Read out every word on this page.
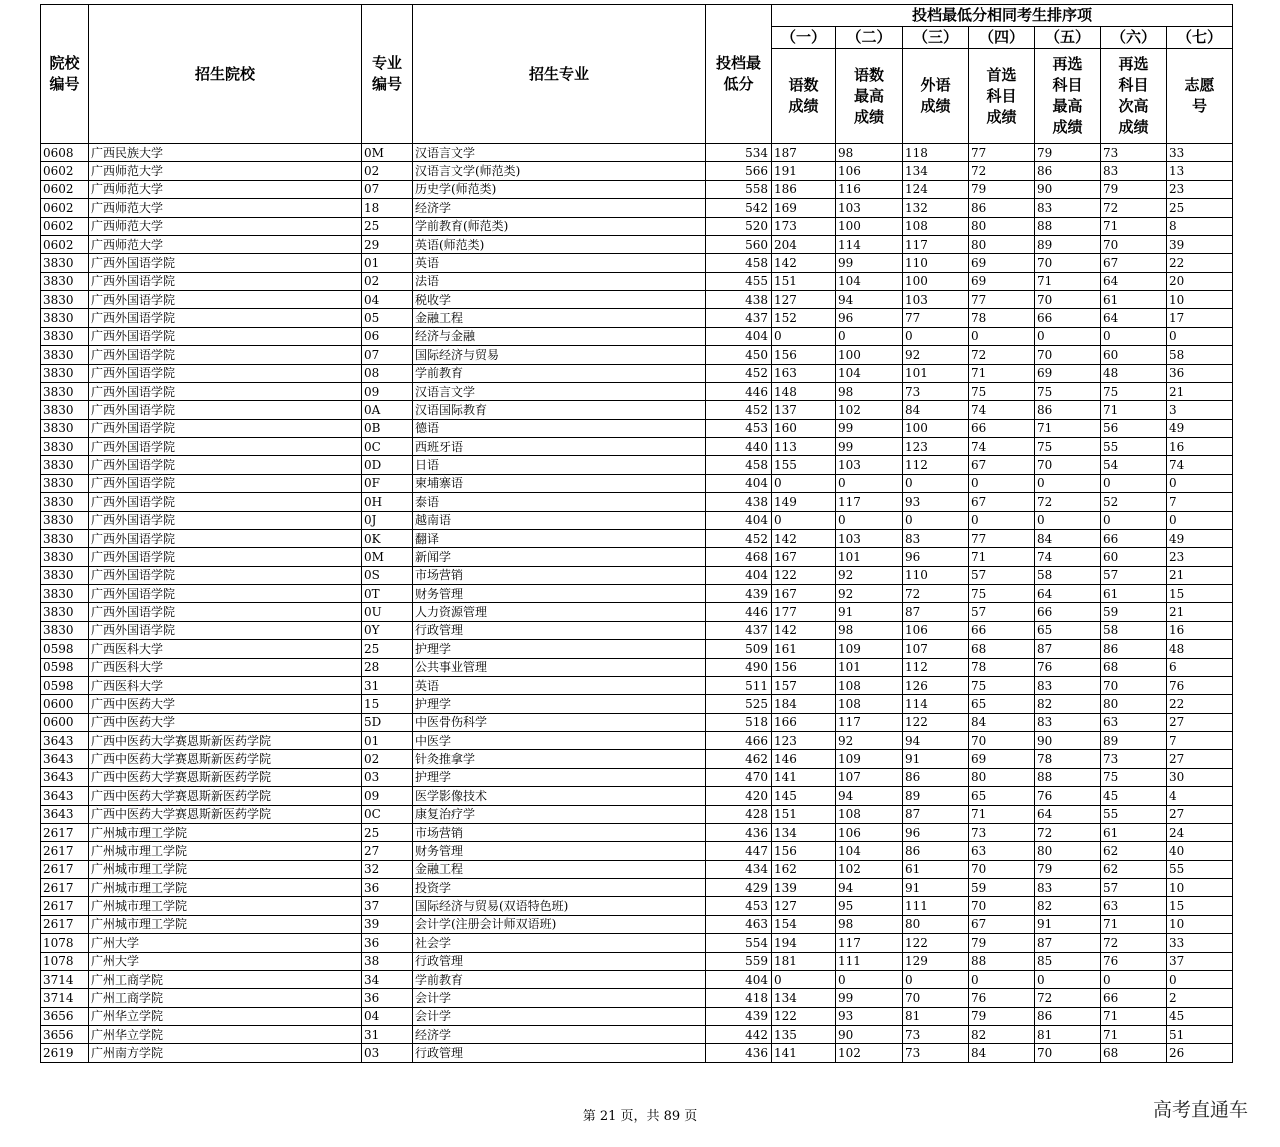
院校编号	招生院校	专业编号	招生专业	投档最低分	投档最低分相同考生排序项						
					（一）	（二）	（三）	（四）	（五）	（六）	（七）
					语数成绩	语数最高成绩	外语成绩	首选科目成绩	再选科目最高成绩	再选科目次高成绩	志愿号
0608	广西民族大学	0M	汉语言文学	534	187	98	118	77	79	73	33
0602	广西师范大学	02	汉语言文学(师范类)	566	191	106	134	72	86	83	13
0602	广西师范大学	07	历史学(师范类)	558	186	116	124	79	90	79	23
0602	广西师范大学	18	经济学	542	169	103	132	86	83	72	25
0602	广西师范大学	25	学前教育(师范类)	520	173	100	108	80	88	71	8
0602	广西师范大学	29	英语(师范类)	560	204	114	117	80	89	70	39
3830	广西外国语学院	01	英语	458	142	99	110	69	70	67	22
3830	广西外国语学院	02	法语	455	151	104	100	69	71	64	20
3830	广西外国语学院	04	税收学	438	127	94	103	77	70	61	10
3830	广西外国语学院	05	金融工程	437	152	96	77	78	66	64	17
3830	广西外国语学院	06	经济与金融	404	0	0	0	0	0	0	0
3830	广西外国语学院	07	国际经济与贸易	450	156	100	92	72	70	60	58
3830	广西外国语学院	08	学前教育	452	163	104	101	71	69	48	36
3830	广西外国语学院	09	汉语言文学	446	148	98	73	75	75	75	21
3830	广西外国语学院	0A	汉语国际教育	452	137	102	84	74	86	71	3
3830	广西外国语学院	0B	德语	453	160	99	100	66	71	56	49
3830	广西外国语学院	0C	西班牙语	440	113	99	123	74	75	55	16
3830	广西外国语学院	0D	日语	458	155	103	112	67	70	54	74
3830	广西外国语学院	0F	柬埔寨语	404	0	0	0	0	0	0	0
3830	广西外国语学院	0H	泰语	438	149	117	93	67	72	52	7
3830	广西外国语学院	0J	越南语	404	0	0	0	0	0	0	0
3830	广西外国语学院	0K	翻译	452	142	103	83	77	84	66	49
3830	广西外国语学院	0M	新闻学	468	167	101	96	71	74	60	23
3830	广西外国语学院	0S	市场营销	404	122	92	110	57	58	57	21
3830	广西外国语学院	0T	财务管理	439	167	92	72	75	64	61	15
3830	广西外国语学院	0U	人力资源管理	446	177	91	87	57	66	59	21
3830	广西外国语学院	0Y	行政管理	437	142	98	106	66	65	58	16
0598	广西医科大学	25	护理学	509	161	109	107	68	87	86	48
0598	广西医科大学	28	公共事业管理	490	156	101	112	78	76	68	6
0598	广西医科大学	31	英语	511	157	108	126	75	83	70	76
0600	广西中医药大学	15	护理学	525	184	108	114	65	82	80	22
0600	广西中医药大学	5D	中医骨伤科学	518	166	117	122	84	83	63	27
3643	广西中医药大学赛恩斯新医药学院	01	中医学	466	123	92	94	70	90	89	7
3643	广西中医药大学赛恩斯新医药学院	02	针灸推拿学	462	146	109	91	69	78	73	27
3643	广西中医药大学赛恩斯新医药学院	03	护理学	470	141	107	86	80	88	75	30
3643	广西中医药大学赛恩斯新医药学院	09	医学影像技术	420	145	94	89	65	76	45	4
3643	广西中医药大学赛恩斯新医药学院	0C	康复治疗学	428	151	108	87	71	64	55	27
2617	广州城市理工学院	25	市场营销	436	134	106	96	73	72	61	24
2617	广州城市理工学院	27	财务管理	447	156	104	86	63	80	62	40
2617	广州城市理工学院	32	金融工程	434	162	102	61	70	79	62	55
2617	广州城市理工学院	36	投资学	429	139	94	91	59	83	57	10
2617	广州城市理工学院	37	国际经济与贸易(双语特色班)	453	127	95	111	70	82	63	15
2617	广州城市理工学院	39	会计学(注册会计师双语班)	463	154	98	80	67	91	71	10
1078	广州大学	36	社会学	554	194	117	122	79	87	72	33
1078	广州大学	38	行政管理	559	181	111	129	88	85	76	37
3714	广州工商学院	34	学前教育	404	0	0	0	0	0	0	0
3714	广州工商学院	36	会计学	418	134	99	70	76	72	66	2
3656	广州华立学院	04	会计学	439	122	93	81	79	86	71	45
3656	广州华立学院	31	经济学	442	135	90	73	82	81	71	51
2619	广州南方学院	03	行政管理	436	141	102	73	84	70	68	26
第 21 页，共 89 页	高考直通车
